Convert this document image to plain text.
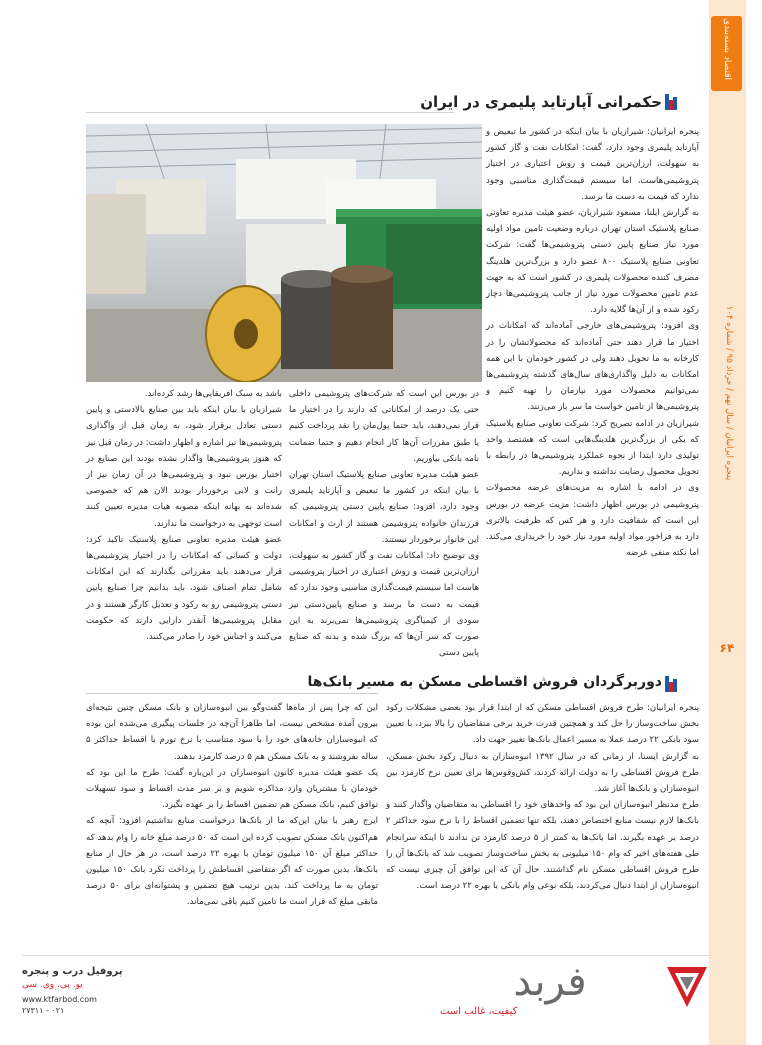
اقتصاد بسته‌بندی
پنجره ایرانیان / سال نهم / خرداد ۹۵ / شماره ۱۰۴
۶۴
حکمرانی آپارتاید پلیمری در ایران

پنجره ایرانیان: شیرازیان با بیان اینکه در کشور ما تبعیض و آپارتاید پلیمری وجود دارد، گفت: امکانات نفت و گاز کشور به سهولت، ارزان‌ترین قیمت و روش اعتباری در اختیار پتروشیمی‌هاست، اما سیستم قیمت‌گذاری مناسبی وجود ندارد که قیمت به دست ما برسد.

به گزارش ایلنا، مسعود شیرازیان، عضو هیئت مدیره تعاونی صنایع پلاستیک استان تهران درباره وضعیت تامین مواد اولیه مورد نیاز صنایع پایین دستی پتروشیمی‌ها گفت: شرکت تعاونی صنایع پلاستیک ۸۰۰ عضو دارد و بزرگ‌ترین هلدینگ مصرف کننده محصولات پلیمری در کشور است که به جهت عدم تامین محصولات مورد نیاز از جانب پتروشیمی‌ها دچار رکود شده و از آن‌ها گلایه دارد.

وی افزود: پتروشیمی‌های خارجی آماده‌اند که امکانات در اختیار ما قرار دهند حتی آماده‌اند که محصولاتشان را در کارخانه به ما تحویل دهند ولی در کشور خودمان با این همه امکانات به دلیل واگذاری‌های سال‌های گذشته پتروشیمی‌ها نمی‌توانیم محصولات مورد نیازمان را تهیه کنیم و پتروشیمی‌ها از تامین خواست ما سر باز می‌زنند.

شیرازیان در ادامه تصریح کرد: شرکت تعاونی صنایع پلاستیک که یکی از بزرگ‌ترین هلدینگ‌هایی است که هشتصد واحد تولیدی دارد ابتدا از نحوه عملکرد پتروشیمی‌ها در رابطه با تحویل محصول رضایت نداشته و نداریم.

وی در ادامه با اشاره به مزیت‌های عرضه محصولات پتروشیمی در بورس اظهار داشت: مزیت عرضه در بورس این است که شفافیت دارد و هر کس که ظرفیت بالاتری دارد به فراخور مواد اولیه مورد نیاز خود را خریداری می‌کند. اما نکته منفی عرضه

در بورس این است که شرکت‌های پتروشیمی داخلی حتی یک درصد از امکاناتی که دارند را در اختیار ما قرار نمی‌دهند، باید حتما پول‌مان را نقد پرداخت کنیم یا طبق مقررات آن‌ها کار انجام دهیم و حتما ضمانت نامه بانکی بیاوریم.

عضو هیئت مدیره تعاونی صنایع پلاستیک استان تهران با بیان اینکه در کشور ما تبعیض و آپارتاید پلیمری وجود دارد، افزود: صنایع پایین دستی پتروشیمی که فرزندان خانواده پتروشیمی هستند از ارث و امکانات این خانوار برخوردار نیستند.

وی توضیح داد: امکانات نفت و گاز کشور به سهولت، ارزان‌ترین قیمت و روش اعتباری در اختیار پتروشیمی هاست اما سیستم قیمت‌گذاری مناسبی وجود ندارد که قیمت به دست ما برسد و صنایع پایین‌دستی نیز سودی از کیمیاگری پتروشیمی‌ها نمی‌برند به این صورت که سر آن‌ها که بزرگ شده و بدنه که صنایع پایین دستی

باشد به سبک افریقایی‌ها رشد کرده‌اند.

شیرازیان با بیان اینکه باید بین صنایع بالادستی و پایین دستی تعادل برقرار شود، به زمان قبل از واگذاری پتروشیمی‌ها نیز اشاره و اظهار داشت: در زمان قبل نیز که هنوز پتروشیمی‌ها واگذار نشده بودند این صنایع در اختیار بورس نبود و پتروشیمی‌ها در آن زمان نیز از رانت و لابی برخوردار بودند الان هم که خصوصی شده‌اند به بهانه اینکه مصوبه هیات مدیره تعیین کنند است توجهی به درخواست ما ندارند.

عضو هیئت مدیره تعاونی صنایع پلاستیک تاکید کرد: دولت و کسانی که امکانات را در اختیار پتروشیمی‌ها قرار می‌دهند باید مقرراتی بگذارند که این امکانات شامل تمام اصناف شود، باید بدانیم چرا صنایع پایین دستی پتروشیمی رو به رکود و تعدیل کارگر هستند و در مقابل پتروشیمی‌ها آنقدر دارایی دارند که حکومت می‌کنند و اجناس خود را صادر می‌کنند.

دوربرگردان فروش اقساطی مسکن به مسیر بانک‌ها

پنجره ایرانیان: طرح فروش اقساطی مسکن که از ابتدا قرار بود بعضی مشکلات رکود بخش ساخت‌وساز را حل کند و همچنین قدرت خرید برخی متقاضیان را بالا ببرد، با تعیین سود بانکی ۲۲ درصد عملا به مسیر اعمال بانک‌ها تغییر جهت داد.

به گزارش ایسنا، از زمانی که در سال ۱۳۹۲ انبوه‌سازان به دنبال رکود بخش مسکن، طرح فروش اقساطی را به دولت ارائه کردند، کش‌وقوس‌ها برای تعیین نرخ کارمزد بین انبوه‌سازان و بانک‌ها آغاز شد.

طرح مدنظر انبوه‌سازان این بود که واحدهای خود را اقساطی به متقاضیان واگذار کنند و بانک‌ها لازم نیست منابع اختصاص دهند، بلکه تنها تضمین اقساط را با نرخ سود حداکثر ۲ درصد بر عهده بگیرند. اما بانک‌ها به کمتر از ۵ درصد کارمزد تن ندادند تا اینکه سرانجام طی هفته‌های اخیر که وام ۱۵۰ میلیونی به بخش ساخت‌وساز تصویب شد که بانک‌ها آن را طرح فروش اقساطی مسکن نام گذاشتند. حال آن که این توافق آن چیزی نیست که انبوه‌سازان از ابتدا دنبال می‌کردند، بلکه نوعی وام بانکی با بهره ۲۲ درصد است.

این که چرا پس از ماه‌ها گفت‌وگو بین انبوه‌سازان و بانک مسکن چنین نتیجه‌ای بیرون آمده مشخص نیست، اما ظاهرا آن‌چه در جلسات پیگیری می‌شده این بوده که انبوه‌سازان خانه‌های خود را با سود متناسب با نرخ تورم با اقساط حداکثر ۵ ساله بفروشند و به بانک مسکن هم ۵ درصد کارمزد بدهند.

یک عضو هیئت مدیره کانون انبوه‌سازان در این‌باره گفت: طرح ما این بود که خودمان با مشتریان وارد مذاکره شویم و بر سر مدت اقساط و سود تسهیلات توافق کنیم، بانک مسکن هم تضمین اقساط را بر عهده بگیرد.

ایرج رهبر با بیان این‌که ما از بانک‌ها درخواست منابع نداشتیم افزود: آنچه که هم‌اکنون بانک مسکن تصویب کرده این است که ۵۰ درصد مبلغ خانه را وام بدهد که حداکثر مبلغ آن ۱۵۰ میلیون تومان با بهره ۲۲ درصد است، در هر حال از منابع بانک‌ها، بدین صورت که اگر متقاضی اقساطش را پرداخت نکرد بانک ۱۵۰ میلیون تومان به ما پرداخت کند. بدین ترتیب هیچ تضمین و پشتوانه‌ای برای ۵۰ درصد مابقی مبلغ که قرار است ما تامین کنیم باقی نمی‌ماند.

پروفیل درب و پنجره
یو. پی. وی. سی
www.ktfarbod.com
۰۲۱ - ۲۷۳۱۱
فربد
کیفیت، غالب است
